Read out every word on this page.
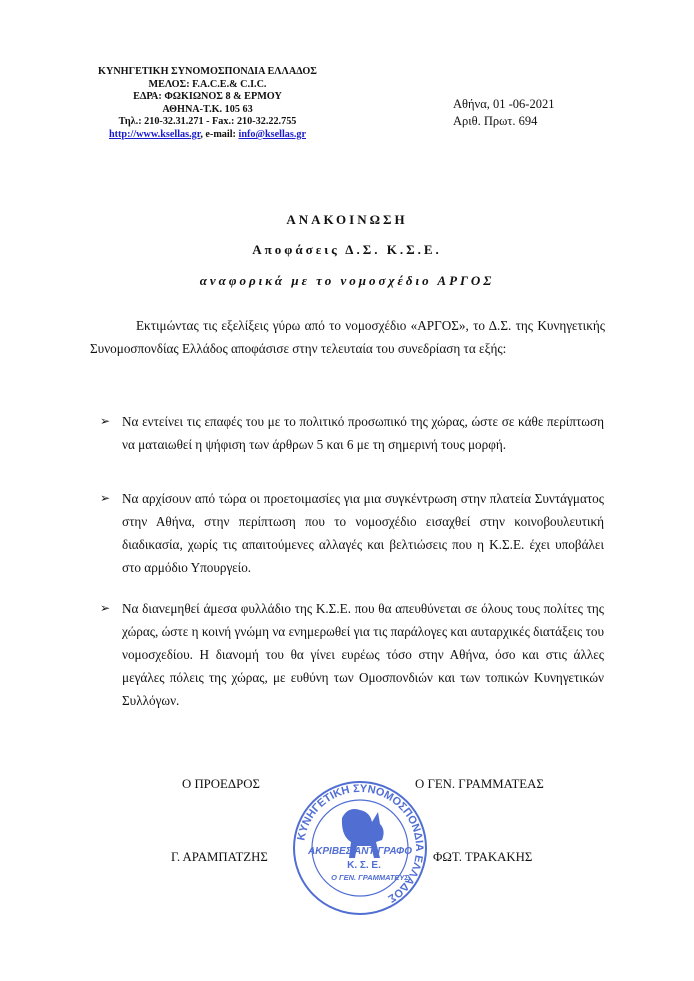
ΚΥΝΗΓΕΤΙΚΗ ΣΥΝΟΜΟΣΠΟΝΔΙΑ ΕΛΛΑΔΟΣ
ΜΕΛΟΣ: F.A.C.E.& C.I.C.
ΕΔΡΑ: ΦΩΚΙΩΝΟΣ 8 & ΕΡΜΟΥ
ΑΘΗΝΑ-Τ.Κ. 105 63
Τηλ.: 210-32.31.271 - Fax.: 210-32.22.755
http://www.ksellas.gr, e-mail: info@ksellas.gr
Αθήνα, 01 -06-2021
Αριθ. Πρωτ. 694
ΑΝΑΚΟΙΝΩΣΗ
Αποφάσεις Δ.Σ. Κ.Σ.Ε.
αναφορικά με το νομοσχέδιο ΑΡΓΟΣ
Εκτιμώντας τις εξελίξεις γύρω από το νομοσχέδιο «ΑΡΓΟΣ», το Δ.Σ. της Κυνηγετικής Συνομοσπονδίας Ελλάδος αποφάσισε στην τελευταία του συνεδρίαση τα εξής:
➢ Να εντείνει τις επαφές του με το πολιτικό προσωπικό της χώρας, ώστε σε κάθε περίπτωση να ματαιωθεί η ψήφιση των άρθρων 5 και 6 με τη σημερινή τους μορφή.
➢ Να αρχίσουν από τώρα οι προετοιμασίες για μια συγκέντρωση στην πλατεία Συντάγματος στην Αθήνα, στην περίπτωση που το νομοσχέδιο εισαχθεί στην κοινοβουλευτική διαδικασία, χωρίς τις απαιτούμενες αλλαγές και βελτιώσεις που η Κ.Σ.Ε. έχει υποβάλει στο αρμόδιο Υπουργείο.
➢ Να διανεμηθεί άμεσα φυλλάδιο της Κ.Σ.Ε. που θα απευθύνεται σε όλους τους πολίτες της χώρας, ώστε η κοινή γνώμη να ενημερωθεί για τις παράλογες και αυταρχικές διατάξεις του νομοσχεδίου. Η διανομή του θα γίνει ευρέως τόσο στην Αθήνα, όσο και στις άλλες μεγάλες πόλεις της χώρας, με ευθύνη των Ομοσπονδιών και των τοπικών Κυνηγετικών Συλλόγων.
Ο ΠΡΟΕΔΡΟΣ	Ο ΓΕΝ. ΓΡΑΜΜΑΤΕΑΣ
ΚΥΝΗΓΕΤΙΚΗ ΣΥΝΟΜΟΣΠΟΝΔΙΑ ΕΛΛΑΔΟΣ
ΑΚΡΙΒΕΣ ΑΝΤΙΓΡΑΦΟ
Κ. Σ. Ε.
Ο ΓΕΝ. ΓΡΑΜΜΑΤΕΥΣ
Γ. ΑΡΑΜΠΑΤΖΗΣ	ΦΩΤ. ΤΡΑΚΑΚΗΣ
